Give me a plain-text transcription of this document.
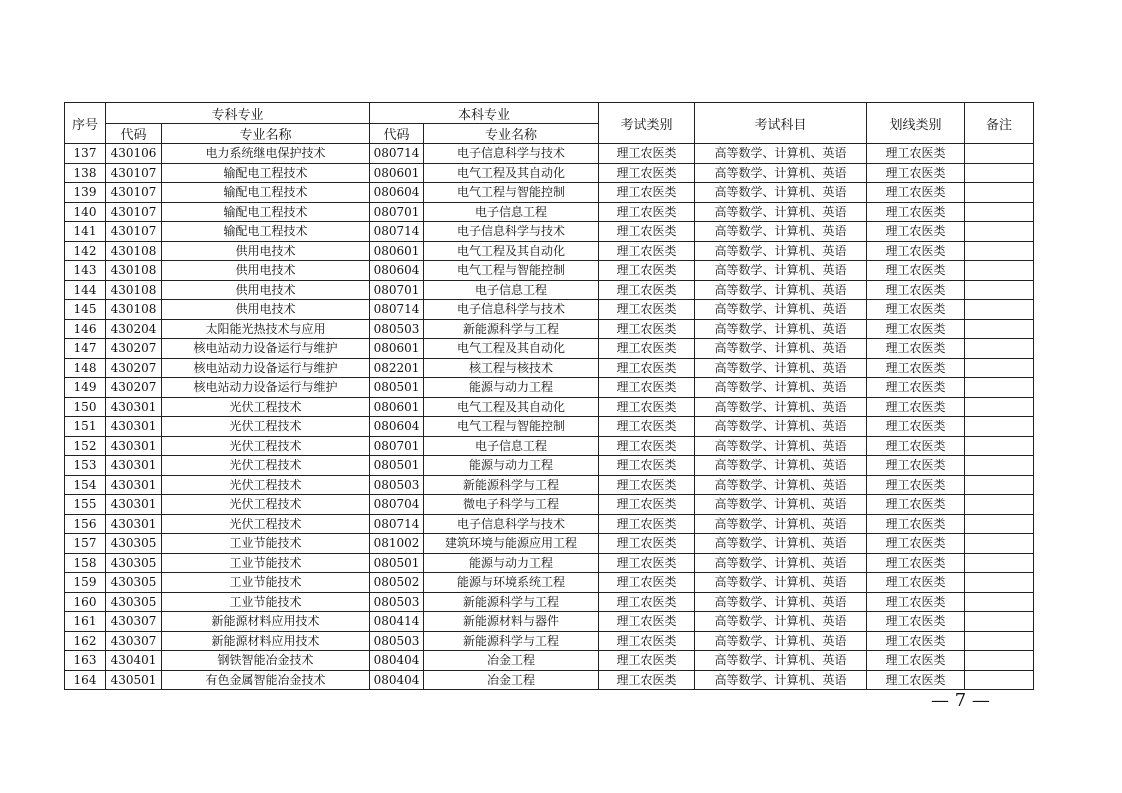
序号	专科专业		本科专业		考试类别	考试科目	划线类别	备注
	代码	专业名称	代码	专业名称				
137	430106	电力系统继电保护技术	080714	电子信息科学与技术	理工农医类	高等数学、计算机、英语	理工农医类	
138	430107	输配电工程技术	080601	电气工程及其自动化	理工农医类	高等数学、计算机、英语	理工农医类	
139	430107	输配电工程技术	080604	电气工程与智能控制	理工农医类	高等数学、计算机、英语	理工农医类	
140	430107	输配电工程技术	080701	电子信息工程	理工农医类	高等数学、计算机、英语	理工农医类	
141	430107	输配电工程技术	080714	电子信息科学与技术	理工农医类	高等数学、计算机、英语	理工农医类	
142	430108	供用电技术	080601	电气工程及其自动化	理工农医类	高等数学、计算机、英语	理工农医类	
143	430108	供用电技术	080604	电气工程与智能控制	理工农医类	高等数学、计算机、英语	理工农医类	
144	430108	供用电技术	080701	电子信息工程	理工农医类	高等数学、计算机、英语	理工农医类	
145	430108	供用电技术	080714	电子信息科学与技术	理工农医类	高等数学、计算机、英语	理工农医类	
146	430204	太阳能光热技术与应用	080503	新能源科学与工程	理工农医类	高等数学、计算机、英语	理工农医类	
147	430207	核电站动力设备运行与维护	080601	电气工程及其自动化	理工农医类	高等数学、计算机、英语	理工农医类	
148	430207	核电站动力设备运行与维护	082201	核工程与核技术	理工农医类	高等数学、计算机、英语	理工农医类	
149	430207	核电站动力设备运行与维护	080501	能源与动力工程	理工农医类	高等数学、计算机、英语	理工农医类	
150	430301	光伏工程技术	080601	电气工程及其自动化	理工农医类	高等数学、计算机、英语	理工农医类	
151	430301	光伏工程技术	080604	电气工程与智能控制	理工农医类	高等数学、计算机、英语	理工农医类	
152	430301	光伏工程技术	080701	电子信息工程	理工农医类	高等数学、计算机、英语	理工农医类	
153	430301	光伏工程技术	080501	能源与动力工程	理工农医类	高等数学、计算机、英语	理工农医类	
154	430301	光伏工程技术	080503	新能源科学与工程	理工农医类	高等数学、计算机、英语	理工农医类	
155	430301	光伏工程技术	080704	微电子科学与工程	理工农医类	高等数学、计算机、英语	理工农医类	
156	430301	光伏工程技术	080714	电子信息科学与技术	理工农医类	高等数学、计算机、英语	理工农医类	
157	430305	工业节能技术	081002	建筑环境与能源应用工程	理工农医类	高等数学、计算机、英语	理工农医类	
158	430305	工业节能技术	080501	能源与动力工程	理工农医类	高等数学、计算机、英语	理工农医类	
159	430305	工业节能技术	080502	能源与环境系统工程	理工农医类	高等数学、计算机、英语	理工农医类	
160	430305	工业节能技术	080503	新能源科学与工程	理工农医类	高等数学、计算机、英语	理工农医类	
161	430307	新能源材料应用技术	080414	新能源材料与器件	理工农医类	高等数学、计算机、英语	理工农医类	
162	430307	新能源材料应用技术	080503	新能源科学与工程	理工农医类	高等数学、计算机、英语	理工农医类	
163	430401	钢铁智能冶金技术	080404	冶金工程	理工农医类	高等数学、计算机、英语	理工农医类	
164	430501	有色金属智能冶金技术	080404	冶金工程	理工农医类	高等数学、计算机、英语	理工农医类	
— 7 —
